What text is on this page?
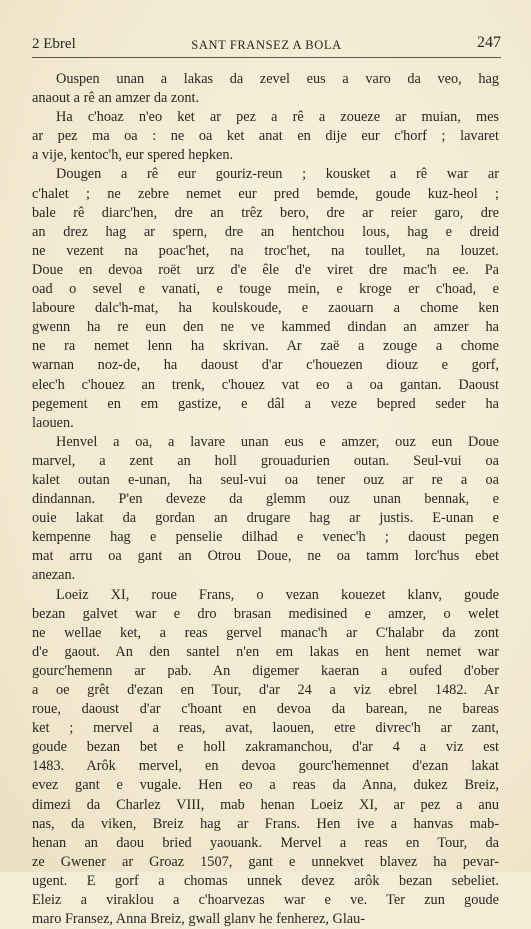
2 Ebrel	SANT FRANSEZ A BOLA	247
Ouspen unan a lakas da zevel eus a varo da veo, hag
anaout a rê an amzer da zont.
Ha c'hoaz n'eo ket ar pez a rê a zoueze ar muian, mes
ar pez ma oa : ne oa ket anat en dije eur c'horf ; lavaret
a vije, kentoc'h, eur spered hepken.
Dougen a rê eur gouriz-reun ; kousket a rê war ar
c'halet ; ne zebre nemet eur pred bemde, goude kuz-heol ;
bale rê diarc'hen, dre an trêz bero, dre ar reier garo, dre
an drez hag ar spern, dre an hentchou lous, hag e dreid
ne vezent na poac'het, na troc'het, na toullet, na louzet.
Doue en devoa roët urz d'e êle d'e viret dre mac'h ee. Pa
oad o sevel e vanati, e touge mein, e kroge er c'hoad, e
laboure dalc'h-mat, ha koulskoude, e zaouarn a chome ken
gwenn ha re eun den ne ve kammed dindan an amzer ha
ne ra nemet lenn ha skrivan. Ar zaë a zouge a chome
warnan noz-de, ha daoust d'ar c'houezen diouz e gorf,
elec'h c'houez an trenk, c'houez vat eo a oa gantan. Daoust
pegement en em gastize, e dâl a veze bepred seder ha
laouen.
Henvel a oa, a lavare unan eus e amzer, ouz eun Doue
marvel, a zent an holl grouadurien outan. Seul-vui oa
kalet outan e-unan, ha seul-vui oa tener ouz ar re a oa
dindannan. P'en deveze da glemm ouz unan bennak, e
ouie lakat da gordan an drugare hag ar justis. E-unan e
kempenne hag e penselie dilhad e venec'h ; daoust pegen
mat arru oa gant an Otrou Doue, ne oa tamm lorc'hus ebet
anezan.
Loeiz XI, roue Frans, o vezan kouezet klanv, goude
bezan galvet war e dro brasan medisined e amzer, o welet
ne wellae ket, a reas gervel manac'h ar C'halabr da zont
d'e gaout. An den santel n'en em lakas en hent nemet war
gourc'hemenn ar pab. An digemer kaeran a oufed d'ober
a oe grêt d'ezan en Tour, d'ar 24 a viz ebrel 1482. Ar
roue, daoust d'ar c'hoant en devoa da barean, ne bareas
ket ; mervel a reas, avat, laouen, etre divrec'h ar zant,
goude bezan bet e holl zakramanchou, d'ar 4 a viz est
1483. Arôk mervel, en devoa gourc'hemennet d'ezan lakat
evez gant e vugale. Hen eo a reas da Anna, dukez Breiz,
dimezi da Charlez VIII, mab henan Loeiz XI, ar pez a anu
nas, da viken, Breiz hag ar Frans. Hen ive a hanvas mab-
henan an daou bried yaouank. Mervel a reas en Tour, da
ze Gwener ar Groaz 1507, gant e unnekvet blavez ha pevar-
ugent. E gorf a chomas unnek devez arôk bezan sebeliet.
Eleiz a viraklou a c'hoarvezas war e ve. Ter zun goude
maro Fransez, Anna Breiz, gwall glanv he fenherez, Glau-
